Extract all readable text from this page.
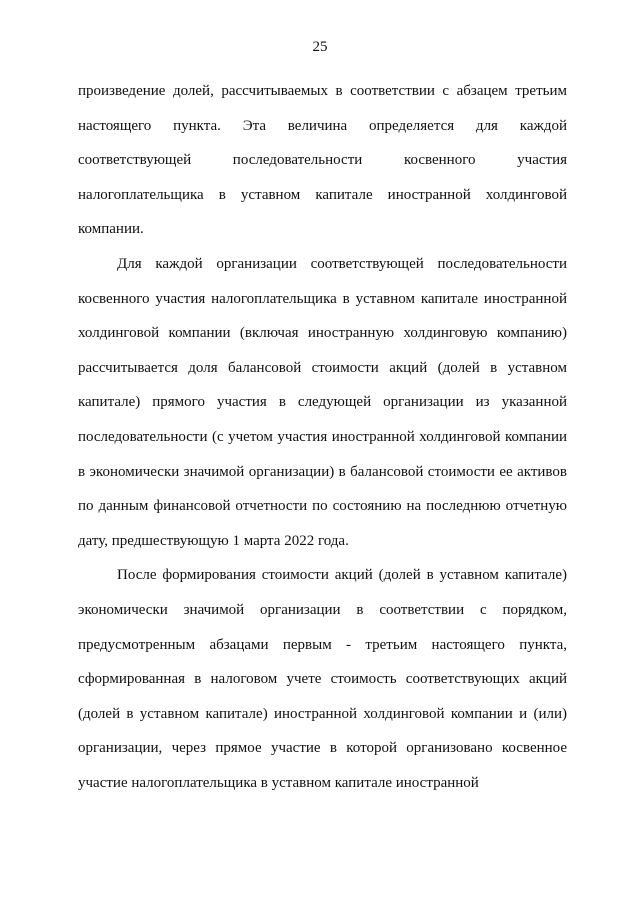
25

произведение долей, рассчитываемых в соответствии с абзацем третьим настоящего пункта. Эта величина определяется для каждой соответствующей последовательности косвенного участия налогоплательщика в уставном капитале иностранной холдинговой компании.

Для каждой организации соответствующей последовательности косвенного участия налогоплательщика в уставном капитале иностранной холдинговой компании (включая иностранную холдинговую компанию) рассчитывается доля балансовой стоимости акций (долей в уставном капитале) прямого участия в следующей организации из указанной последовательности (с учетом участия иностранной холдинговой компании в экономически значимой организации) в балансовой стоимости ее активов по данным финансовой отчетности по состоянию на последнюю отчетную дату, предшествующую 1 марта 2022 года.

После формирования стоимости акций (долей в уставном капитале) экономически значимой организации в соответствии с порядком, предусмотренным абзацами первым - третьим настоящего пункта, сформированная в налоговом учете стоимость соответствующих акций (долей в уставном капитале) иностранной холдинговой компании и (или) организации, через прямое участие в которой организовано косвенное участие налогоплательщика в уставном капитале иностранной
